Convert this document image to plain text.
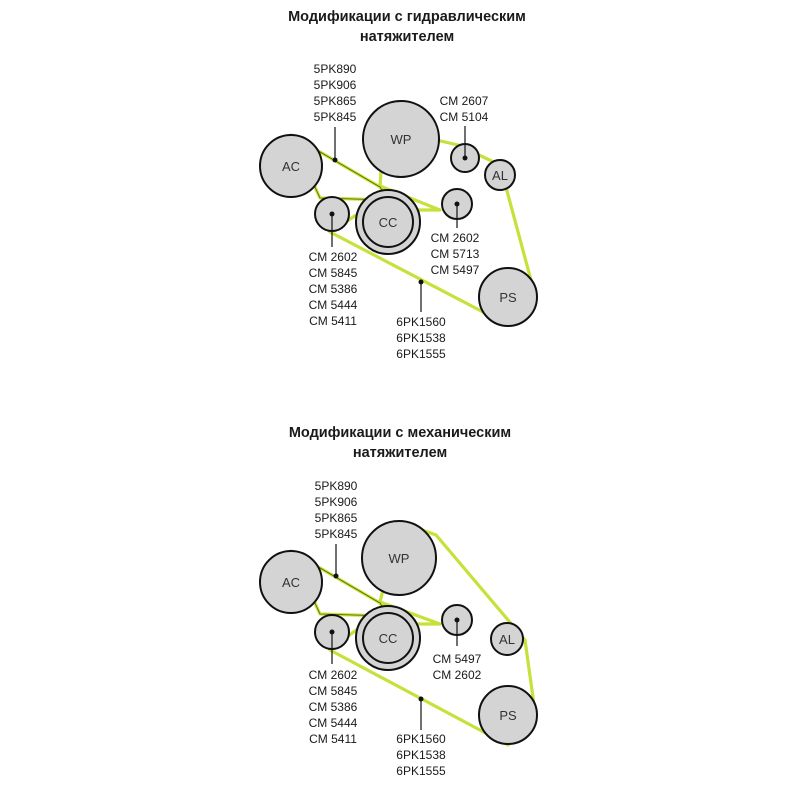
Модификации с гидравлическим
натяжителем
AC
WP
AL
CC
PS
5PK890
5PK906
5PK865
5PK845
CM 2607
CM 5104
CM 2602
CM 5713
CM 5497
CM 2602
CM 5845
CM 5386
CM 5444
CM 5411	6PK1560
6PK1538
6PK1555
Модификации с механическим
натяжителем
AC
WP
AL
CC
PS
5PK890
5PK906
5PK865
5PK845
CM 5497
CM 2602
CM 2602
CM 5845
CM 5386
CM 5444
CM 5411	6PK1560
6PK1538
6PK1555
